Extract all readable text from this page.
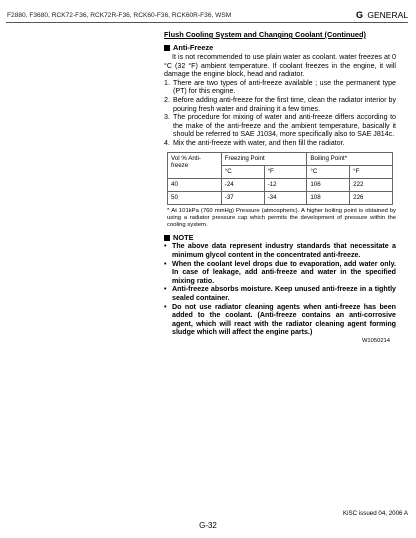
F2880, F3680, RCK72-F36, RCK72R-F36, RCK60-F36, RCK60R-F36, WSM	G GENERAL
Flush Cooling System and Changing Coolant (Continued)
Anti-Freeze

It is not recommended to use plain water as coolant. water freezes at 0 °C (32 °F) ambient temperature. If coolant freezes in the engine, it will damage the engine block, head and radiator.

1. There are two types of anti-freeze available ; use the permanent type (PT) for this engine.
2. Before adding anti-freeze for the first time, clean the radiator interior by pouring fresh water and draining it a few times.
3. The procedure for mixing of water and anti-freeze differs according to the make of the anti-freeze and the ambient temperature, basically it should be referred to SAE J1034, more specifically also to SAE J814c.
4. Mix the anti-freeze with water, and then fill the radiator.
Vol % Anti-freeze	Freezing Point		Boiling Point*	
	°C	°F	°C	°F
40	-24	-12	106	222
50	-37	-34	108	226
* At 101kPa (760 mmHg) Pressure (atmospheric). A higher boiling point is obtained by using a radiator pressure cap which permits the development of pressure within the cooling system.
NOTE
• The above data represent industry standards that necessitate a minimum glycol content in the concentrated anti-freeze.
• When the coolant level drops due to evaporation, add water only. In case of leakage, add anti-freeze and water in the specified mixing ratio.
• Anti-freeze absorbs moisture. Keep unused anti-freeze in a tightly sealed container.
• Do not use radiator cleaning agents when anti-freeze has been added to the coolant. (Anti-freeze contains an anti-corrosive agent, which will react with the radiator cleaning agent forming sludge which will affect the engine parts.)
W1050214
KiSC issued 04, 2006 A
G-32
